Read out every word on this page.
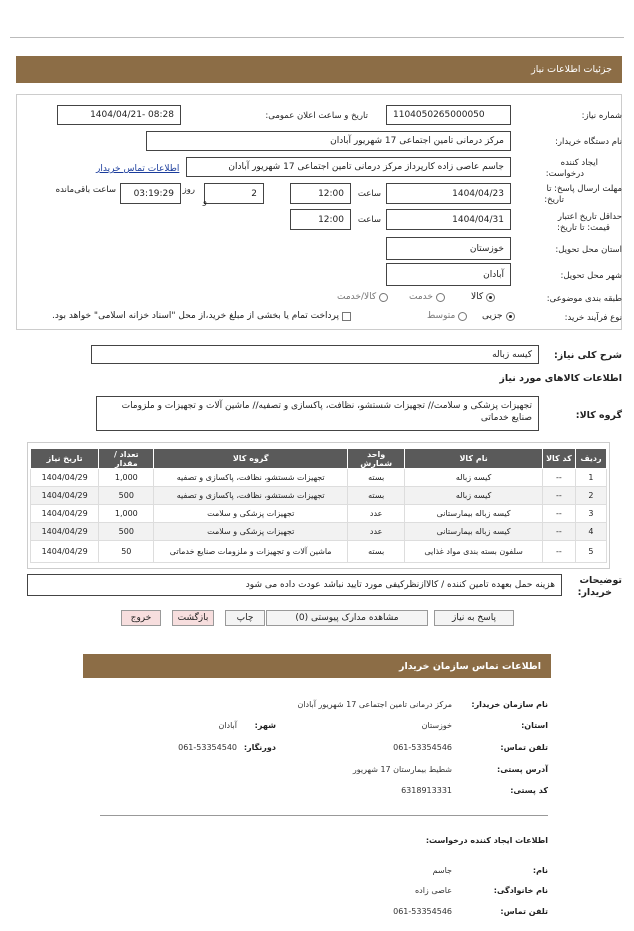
جزئیات اطلاعات نیاز
شماره نیاز:
1104050265000050
تاریخ و ساعت اعلان عمومی:
1404/04/21- 08:28
نام دستگاه خریدار:
مرکز درمانی تامین اجتماعی 17 شهریور آبادان
ایجاد کننده
درخواست:
جاسم عاصی زاده کارپرداز مرکز درمانی تامین اجتماعی 17 شهریور آبادان
اطلاعات تماس خریدار
مهلت ارسال پاسخ: تا
تاریخ:
1404/04/23
ساعت
12:00
2
روز
و
03:19:29
ساعت باقی‌مانده
حداقل تاریخ اعتبار
قیمت: تا تاریخ:
1404/04/31
ساعت
12:00
استان محل تحویل:
خوزستان
شهر محل تحویل:
آبادان
طبقه بندی موضوعی:
کالا
خدمت
کالا/خدمت
نوع فرآیند خرید:
جزیی
متوسط
پرداخت تمام یا بخشی از مبلغ خرید،از محل "اسناد خزانه اسلامی" خواهد بود.
شرح کلی نیاز:
کیسه زباله
اطلاعات کالاهای مورد نیاز
گروه کالا:
تجهیزات پزشکی و سلامت// تجهیزات شستشو، نظافت، پاکسازی و تصفیه// ماشین آلات و تجهیزات و ملزومات صنایع خدماتی
ردیف	کد کالا	نام کالا	واحد شمارش	گروه کالا	تعداد / مقدار	تاریخ نیاز
1	--	کیسه زباله	بسته	تجهیزات شستشو، نظافت، پاکسازی و تصفیه	1,000	1404/04/29
2	--	کیسه زباله	بسته	تجهیزات شستشو، نظافت، پاکسازی و تصفیه	500	1404/04/29
3	--	کیسه زباله بیمارستانی	عدد	تجهیزات پزشکی و سلامت	1,000	1404/04/29
4	--	کیسه زباله بیمارستانی	عدد	تجهیزات پزشکی و سلامت	500	1404/04/29
5	--	سلفون بسته بندی مواد غذایی	بسته	ماشین آلات و تجهیزات و ملزومات صنایع خدماتی	50	1404/04/29
توضیحات
خریدار:
هزینه حمل بعهده تامین کننده / کالاازنظرکیفی مورد تایید نباشد عودت داده می شود
پاسخ به نیاز
مشاهده مدارک پیوستی (0)
چاپ
بازگشت
خروج
اطلاعات تماس سازمان خریدار
نام سازمان خریدار:
مرکز درمانی تامین اجتماعی 17 شهریور آبادان
استان:
خوزستان
شهر:
آبادان
تلفن تماس:
061-53354546
دورنگار:
061-53354540
آدرس پستی:
شطیط بیمارستان 17 شهریور
کد پستی:
6318913331
اطلاعات ایجاد کننده درخواست:
نام:
جاسم
نام خانوادگی:
عاصی زاده
تلفن تماس:
061-53354546
